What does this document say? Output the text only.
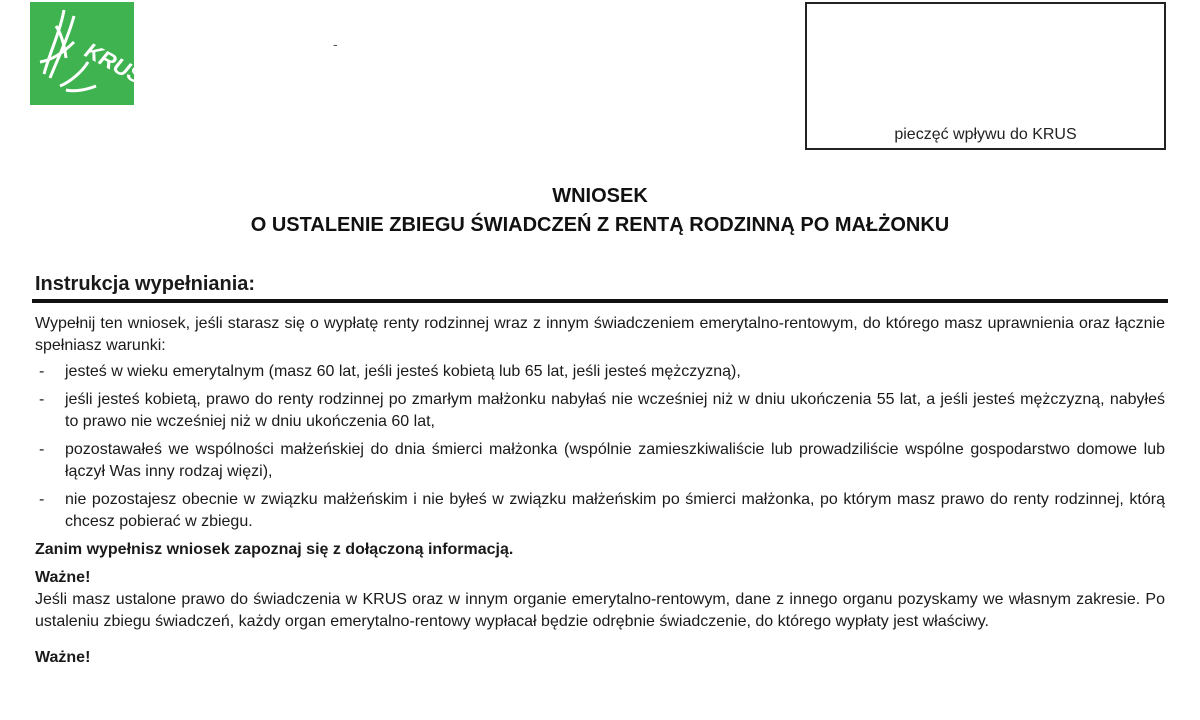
KRUS	-
pieczęć wpływu do KRUS
WNIOSEK
O USTALENIE ZBIEGU ŚWIADCZEŃ Z RENTĄ RODZINNĄ PO MAŁŻONKU
Instrukcja wypełniania:

Wypełnij ten wniosek, jeśli starasz się o wypłatę renty rodzinnej wraz z innym świadczeniem emerytalno-rentowym, do którego masz uprawnienia oraz łącznie spełniasz warunki:

- jesteś w wieku emerytalnym (masz 60 lat, jeśli jesteś kobietą lub 65 lat, jeśli jesteś mężczyzną),
- jeśli jesteś kobietą, prawo do renty rodzinnej po zmarłym małżonku nabyłaś nie wcześniej niż w dniu ukończenia 55 lat, a jeśli jesteś mężczyzną, nabyłeś to prawo nie wcześniej niż w dniu ukończenia 60 lat,
- pozostawałeś we wspólności małżeńskiej do dnia śmierci małżonka (wspólnie zamieszkiwaliście lub prowadziliście wspólne gospodarstwo domowe lub łączył Was inny rodzaj więzi),
- nie pozostajesz obecnie w związku małżeńskim i nie byłeś w związku małżeńskim po śmierci małżonka, po którym masz prawo do renty rodzinnej, którą chcesz pobierać w zbiegu.

Zanim wypełnisz wniosek zapoznaj się z dołączoną informacją.

Ważne!

Jeśli masz ustalone prawo do świadczenia w KRUS oraz w innym organie emerytalno-rentowym, dane z innego organu pozyskamy we własnym zakresie. Po ustaleniu zbiegu świadczeń, każdy organ emerytalno-rentowy wypłacał będzie odrębnie świadczenie, do którego wypłaty jest właściwy.

Ważne!
